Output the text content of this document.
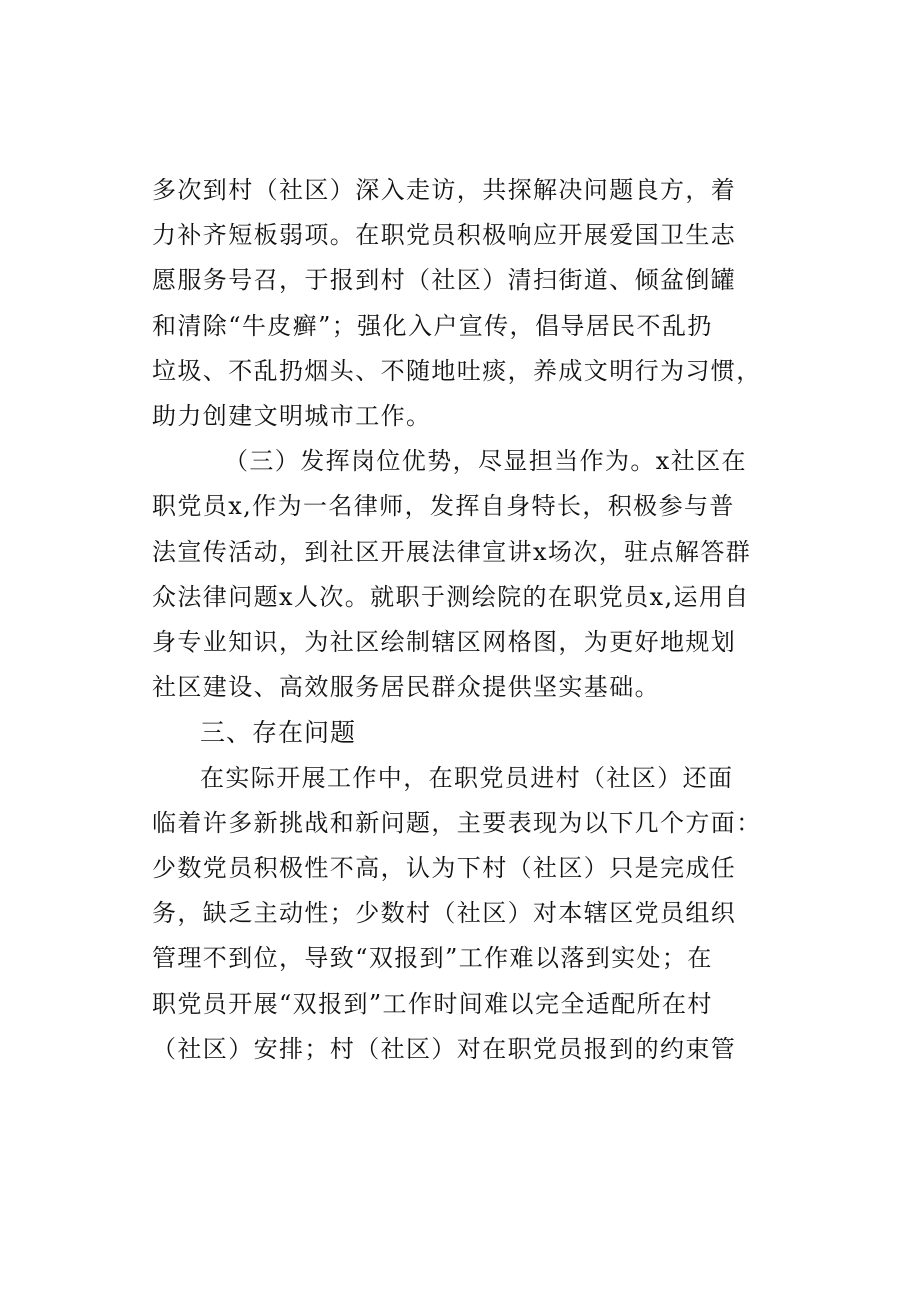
多次到村（社区）深入走访，共探解决问题良方，着
力补齐短板弱项。在职党员积极响应开展爱国卫生志
愿服务号召，于报到村（社区）清扫街道、倾盆倒罐
和清除“牛皮癣”；强化入户宣传，倡导居民不乱扔
垃圾、不乱扔烟头、不随地吐痰，养成文明行为习惯，
助力创建文明城市工作。
（三）发挥岗位优势，尽显担当作为。x社区在
职党员x,作为一名律师，发挥自身特长，积极参与普
法宣传活动，到社区开展法律宣讲x场次，驻点解答群
众法律问题x人次。就职于测绘院的在职党员x,运用自
身专业知识，为社区绘制辖区网格图，为更好地规划
社区建设、高效服务居民群众提供坚实基础。
三、存在问题
在实际开展工作中，在职党员进村（社区）还面
临着许多新挑战和新问题，主要表现为以下几个方面：
少数党员积极性不高，认为下村（社区）只是完成任
务，缺乏主动性；少数村（社区）对本辖区党员组织
管理不到位，导致“双报到”工作难以落到实处；在
职党员开展“双报到”工作时间难以完全适配所在村
（社区）安排；村（社区）对在职党员报到的约束管
